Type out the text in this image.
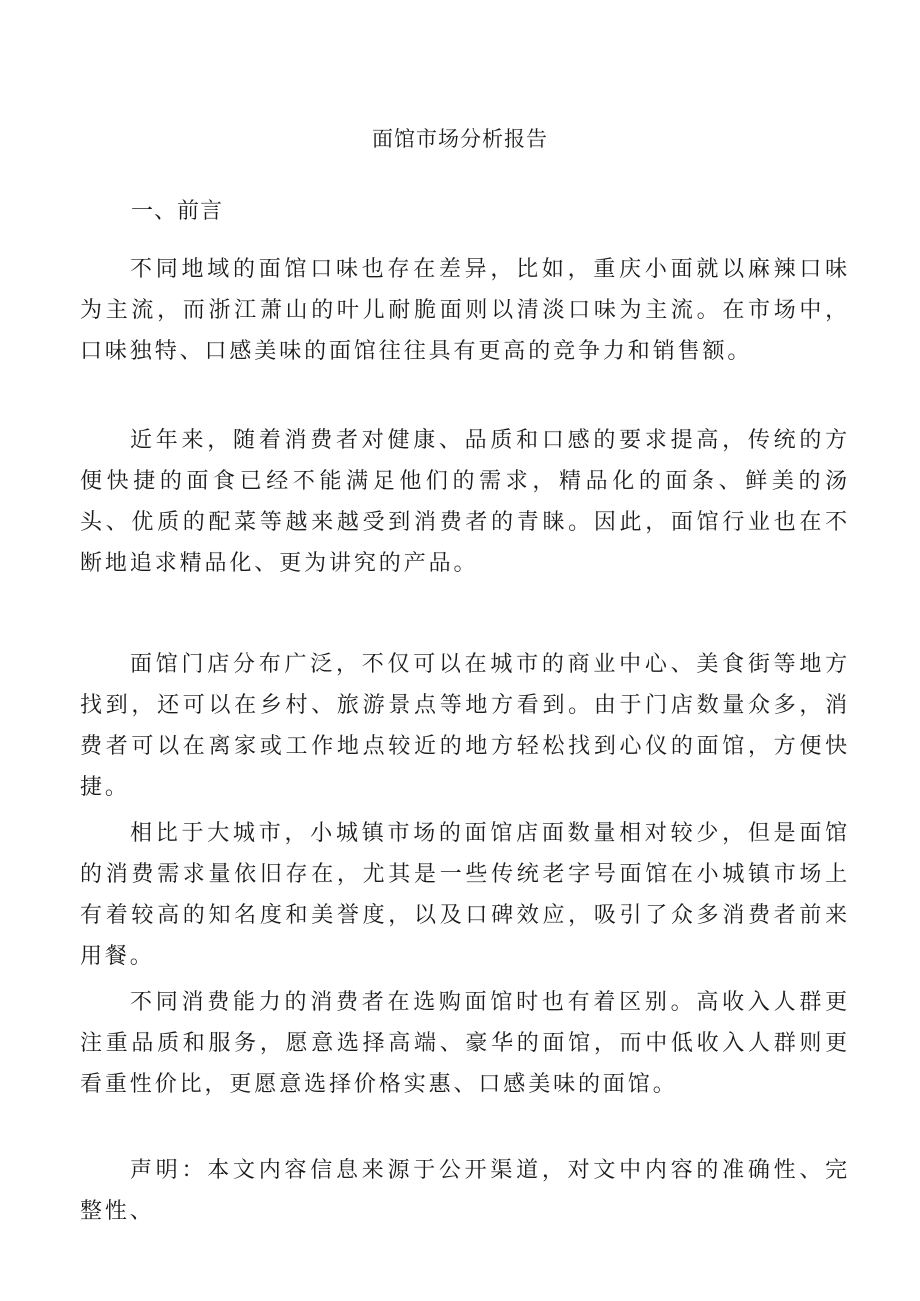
面馆市场分析报告
一、前言

不同地域的面馆口味也存在差异，比如，重庆小面就以麻辣口味为主流，而浙江萧山的叶儿耐脆面则以清淡口味为主流。在市场中，口味独特、口感美味的面馆往往具有更高的竞争力和销售额。

近年来，随着消费者对健康、品质和口感的要求提高，传统的方便快捷的面食已经不能满足他们的需求，精品化的面条、鲜美的汤头、优质的配菜等越来越受到消费者的青睐。因此，面馆行业也在不断地追求精品化、更为讲究的产品。

面馆门店分布广泛，不仅可以在城市的商业中心、美食街等地方找到，还可以在乡村、旅游景点等地方看到。由于门店数量众多，消费者可以在离家或工作地点较近的地方轻松找到心仪的面馆，方便快捷。

相比于大城市，小城镇市场的面馆店面数量相对较少，但是面馆的消费需求量依旧存在，尤其是一些传统老字号面馆在小城镇市场上有着较高的知名度和美誉度，以及口碑效应，吸引了众多消费者前来用餐。

不同消费能力的消费者在选购面馆时也有着区别。高收入人群更注重品质和服务，愿意选择高端、豪华的面馆，而中低收入人群则更看重性价比，更愿意选择价格实惠、口感美味的面馆。

声明：本文内容信息来源于公开渠道，对文中内容的准确性、完整性、
